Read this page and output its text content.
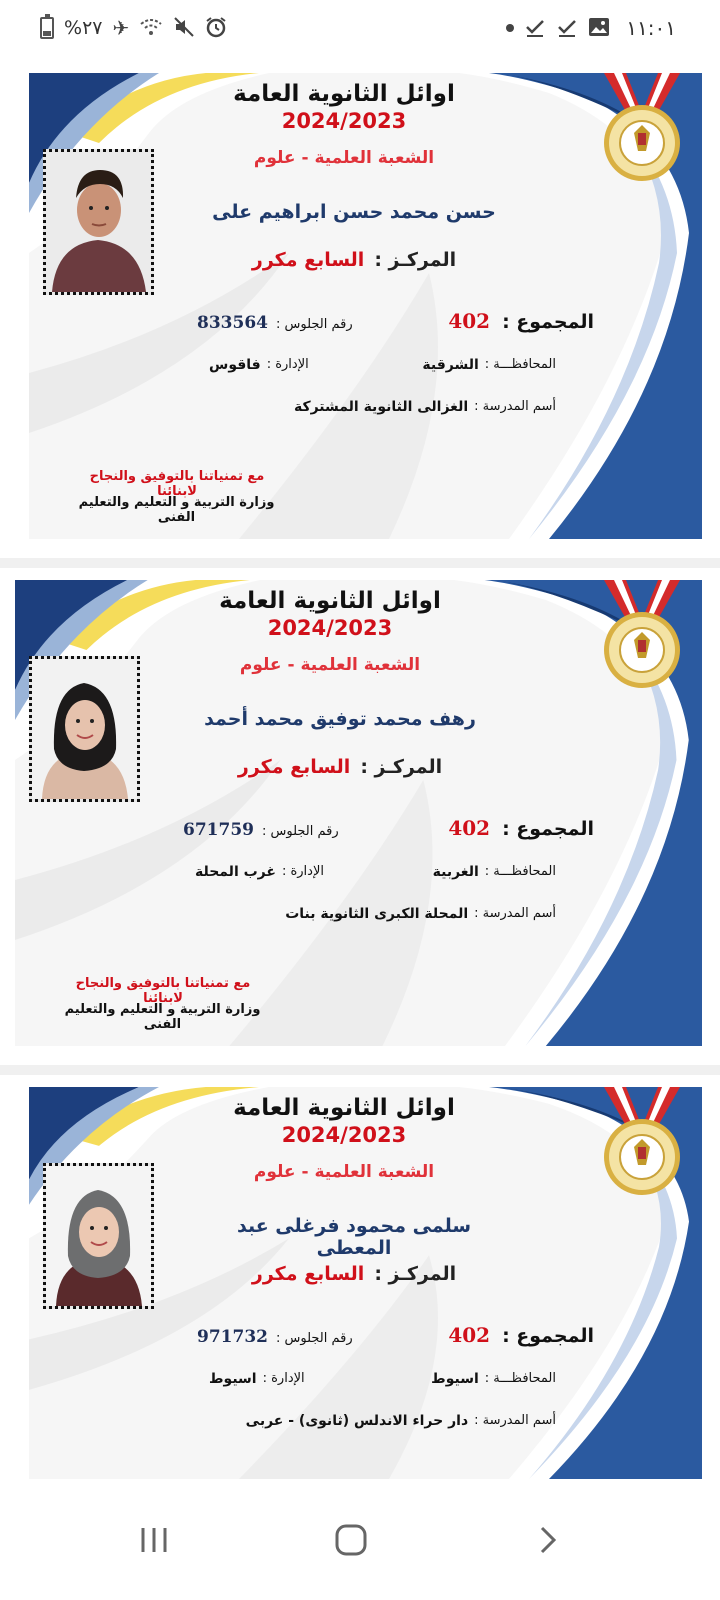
%٢٧ ✈	١١:٠١
اوائل الثانوية العامة
2024/2023
الشعبة العلمية - علوم
حسن محمد حسن ابراهيم على
المركـز :
السابع مكرر
المجموع :
402
رقم الجلوس :
833564
المحافظـــة :
الشرقية
الإدارة :
فاقوس
أسم المدرسة :
الغزالى الثانوية المشتركة
مع تمنياتنا بالتوفيق والنجاح لابنائنا
وزارة التربية و التعليم والتعليم الفنى
اوائل الثانوية العامة
2024/2023
الشعبة العلمية - علوم
رهف محمد توفيق محمد أحمد
المركـز :
السابع مكرر
المجموع :
402
رقم الجلوس :
671759
المحافظـــة :
الغربية
الإدارة :
غرب المحلة
أسم المدرسة :
المحلة الكبرى الثانوية بنات
مع تمنياتنا بالتوفيق والنجاح لابنائنا
وزارة التربية و التعليم والتعليم الفنى
اوائل الثانوية العامة
2024/2023
الشعبة العلمية - علوم
سلمى محمود فرغلى عبد المعطى
المركـز :
السابع مكرر
المجموع :
402
رقم الجلوس :
971732
المحافظـــة :
اسيوط
الإدارة :
اسيوط
أسم المدرسة :
دار حراء الاندلس (ثانوى) - عربى
